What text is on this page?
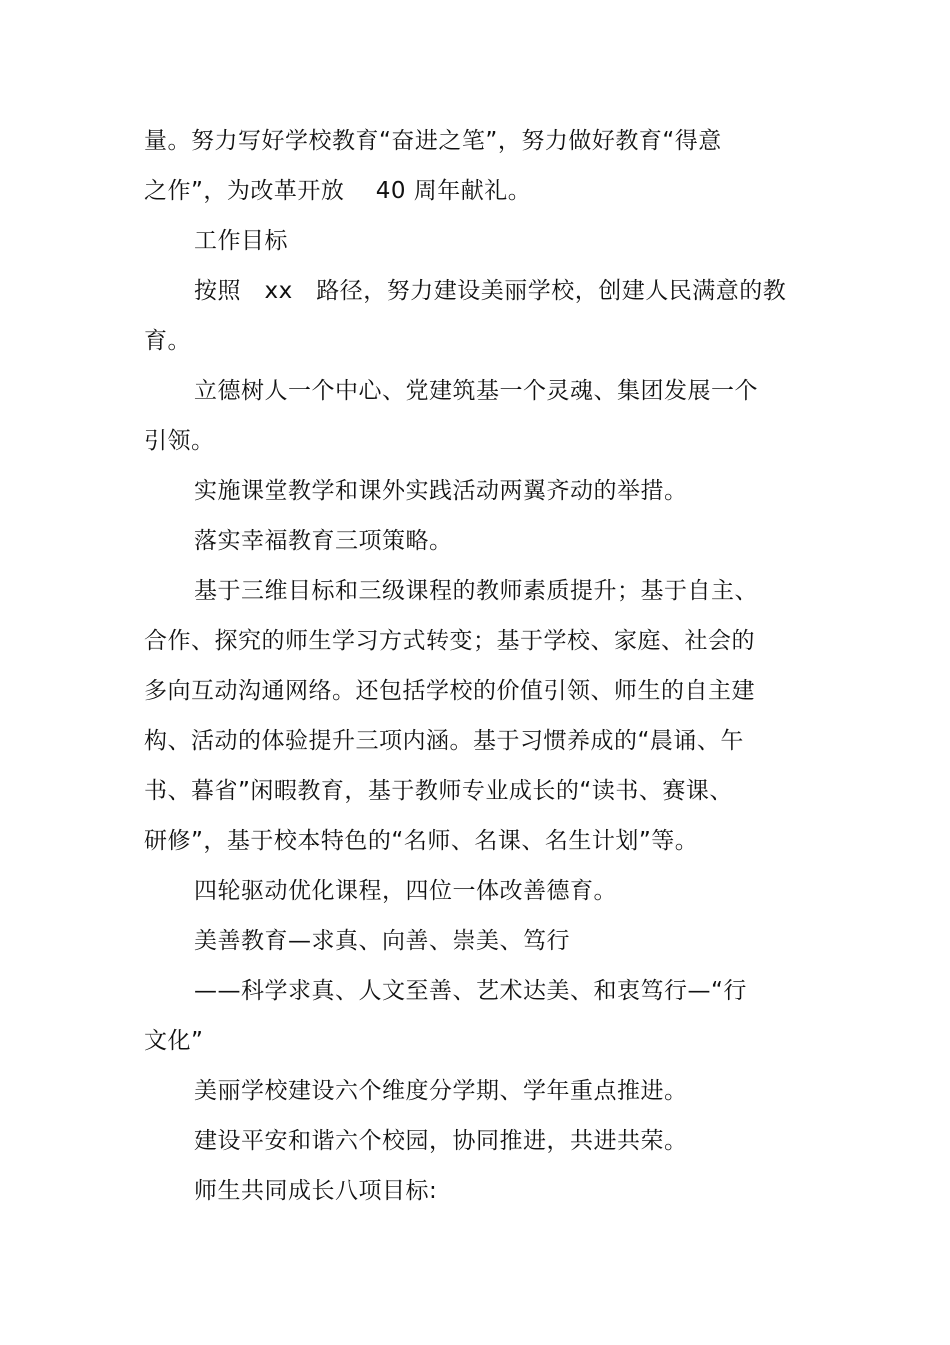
量。努力写好学校教育“奋进之笔”，努力做好教育“得意
之作”，为改革开放　 40 周年献礼。
工作目标
按照　xx　路径，努力建设美丽学校，创建人民满意的教
育。
立德树人一个中心、党建筑基一个灵魂、集团发展一个
引领。
实施课堂教学和课外实践活动两翼齐动的举措。
落实幸福教育三项策略。
基于三维目标和三级课程的教师素质提升；基于自主、
合作、探究的师生学习方式转变；基于学校、家庭、社会的
多向互动沟通网络。还包括学校的价值引领、师生的自主建
构、活动的体验提升三项内涵。基于习惯养成的“晨诵、午
书、暮省”闲暇教育，基于教师专业成长的“读书、赛课、
研修”，基于校本特色的“名师、名课、名生计划”等。
四轮驱动优化课程，四位一体改善德育。
美善教育—求真、向善、崇美、笃行
——科学求真、人文至善、艺术达美、和衷笃行—“行
文化”
美丽学校建设六个维度分学期、学年重点推进。
建设平安和谐六个校园，协同推进，共进共荣。
师生共同成长八项目标:
